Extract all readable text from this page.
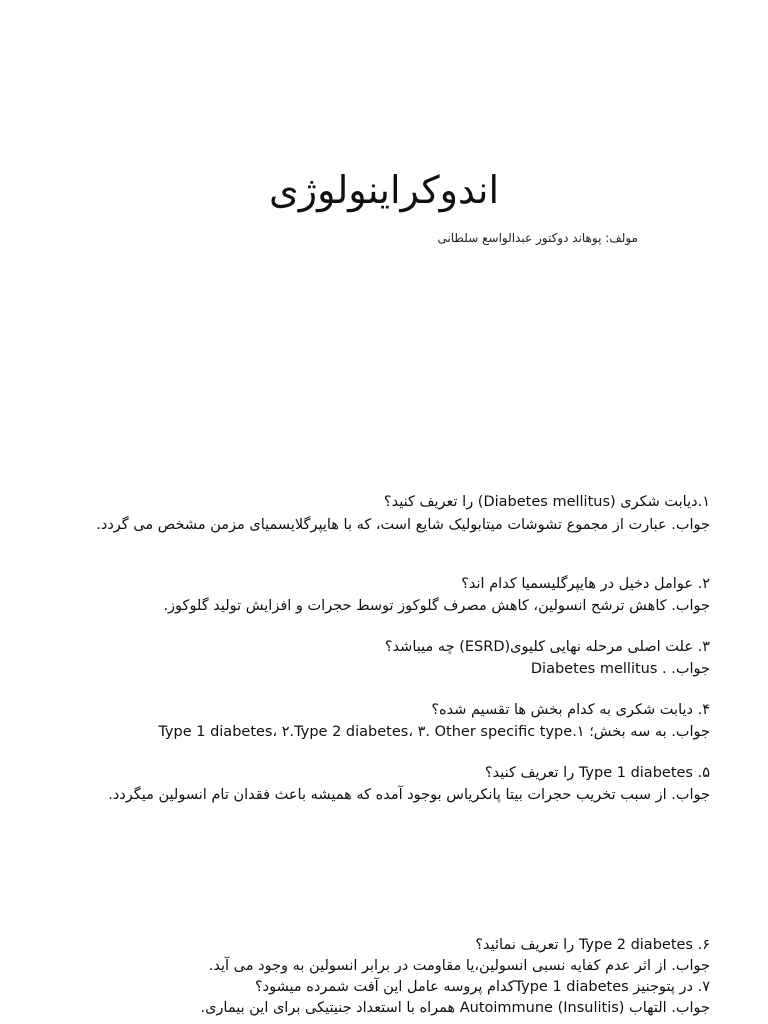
اندوکراینولوژی
مولف: پوهاند دوکتور عبدالواسع سلطانی
۱.دیابت شکری (Diabetes mellitus) را تعریف کنید؟
جواب. عبارت از مجموع تشوشات میتابولیک شایع است، که با هایپرگلایسمیای مزمن مشخص می گردد.
۲. عوامل دخیل در هایپرگلیسمیا کدام اند؟
جواب. کاهش ترشح انسولین، کاهش مصرف گلوکوز توسط حجرات و افزایش تولید گلوکوز.
۳. علت اصلی مرحله نهایی کلیوی(ESRD) چه میباشد؟
جواب. . Diabetes mellitus
۴. دیابت شکری به کدام بخش ها تقسیم شده؟
جواب. به سه بخش؛ ۱.Type 1 diabetes، ۲.Type 2 diabetes، ۳. Other specific type
۵. Type 1 diabetes را تعریف کنید؟
جواب. از سبب تخریب حجرات بیتا پانکریاس بوجود آمده که همیشه باعث فقدان تام انسولین میگردد.
۶. Type 2 diabetes را تعریف نمائید؟
جواب. از اثر عدم کفایه نسبی انسولین،یا مقاومت در برابر انسولین به وجود می آید.
۷. در پتوجنیز Type 1 diabetesکدام پروسه عامل این آفت شمرده میشود؟
جواب. التهاب Autoimmune (Insulitis) همراه با استعداد جنیتیکی برای این بیماری.
